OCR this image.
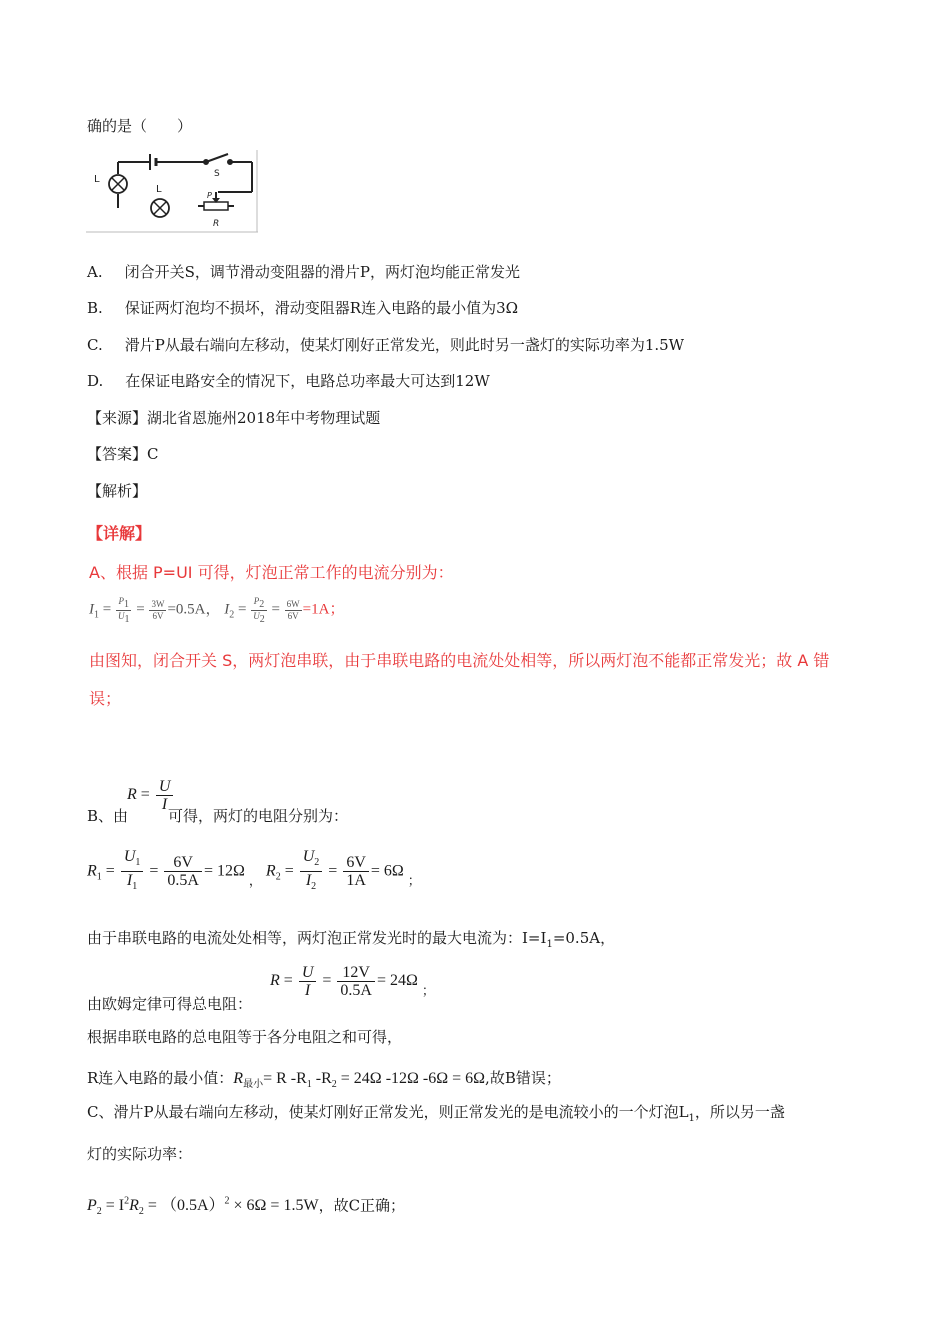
确的是（　　）
L
L
S
P
R
A. 闭合开关S，调节滑动变阻器的滑片P，两灯泡均能正常发光
B. 保证两灯泡均不损坏，滑动变阻器R连入电路的最小值为3Ω
C. 滑片P从最右端向左移动，使某灯刚好正常发光，则此时另一盏灯的实际功率为1.5W
D. 在保证电路安全的情况下，电路总功率最大可达到12W
【来源】湖北省恩施州2018年中考物理试题
【答案】C
【解析】
【详解】
A、根据 P=UI 可得，灯泡正常工作的电流分别为：
$I_1 = \frac{P_1}{U_1} = \frac{3W}{6V} =0.5A$， $I_2 = \frac{P_2}{U_2} = \frac{6W}{6V} =1A$；
由图知，闭合开关 S，两灯泡串联，由于串联电路的电流处处相等，所以两灯泡不能都正常发光；故 A 错
误；
B、由
$R = \frac{U}{I}$
可得，两灯的电阻分别为：
$R_1 = \frac{U_1}{I_1} = \frac{6V}{0.5A} = 12\Omega$ $_,$ $R_2 = \frac{U_2}{I_2} = \frac{6V}{1A} = 6\Omega$ $_;$
由于串联电路的电流处处相等，两灯泡正常发光时的最大电流为：$I=I_1=0.5A$，
由欧姆定律可得总电阻：
$R = \frac{U}{I} = \frac{12V}{0.5A} = 24\Omega$ $_;$
根据串联电路的总电阻等于各分电阻之和可得，
R连入电路的最小值：$R_{最小}= R$ $-R_1$ $-R_2 = 24\Omega$ -12Ω -6Ω = 6Ω,故B错误；
C、滑片P从最右端向左移动，使某灯刚好正常发光，则正常发光的是电流较小的一个灯泡$L_1$，所以另一盏
灯的实际功率：
$P_2 = I^2R_2 = (0.5A)^2 \times 6\Omega = 1.5W$，故C正确；
